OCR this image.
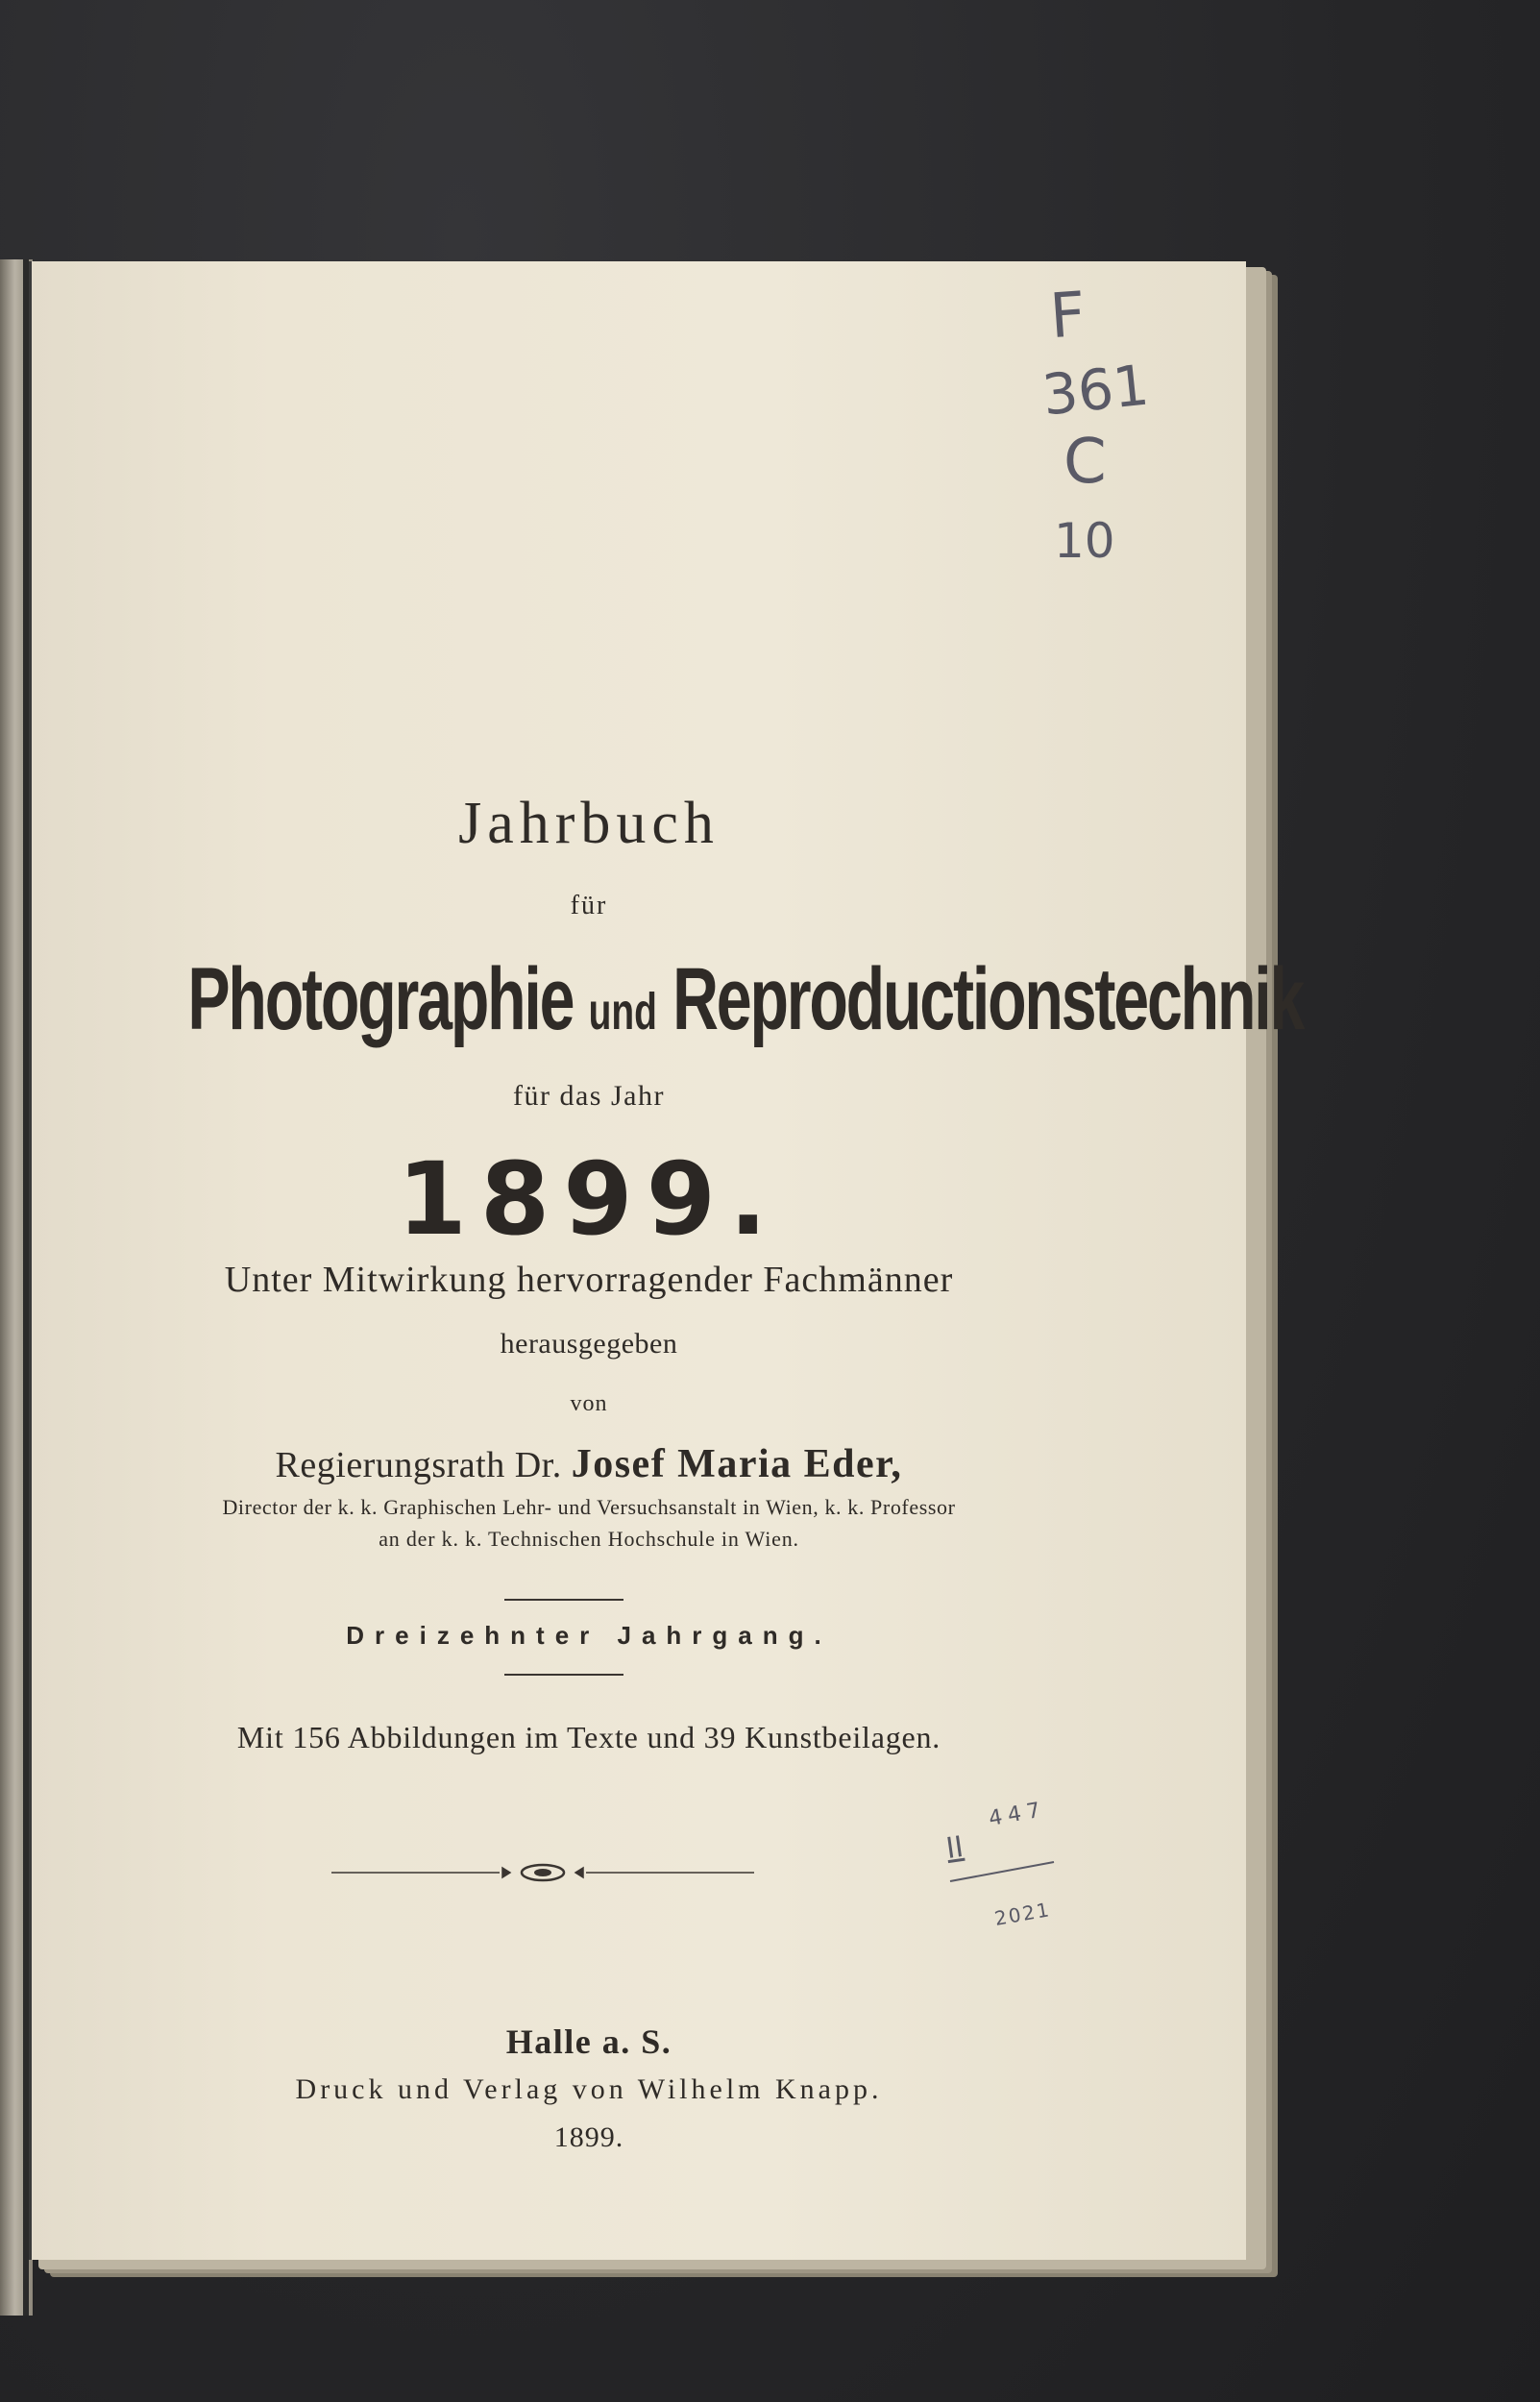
Jahrbuch
für
Photographie und Reproductionstechnik
für das Jahr
1899.
Unter Mitwirkung hervorragender Fachmänner
herausgegeben
von
Regierungsrath Dr. Josef Maria Eder,
Director der k. k. Graphischen Lehr- und Versuchsanstalt in Wien, k. k. Professor
an der k. k. Technischen Hochschule in Wien.
Dreizehnter Jahrgang.
Mit 156 Abbildungen im Texte und 39 Kunstbeilagen.
Halle a. S.
Druck und Verlag von Wilhelm Knapp.
1899.
F
361
C
10
II
447
2021
